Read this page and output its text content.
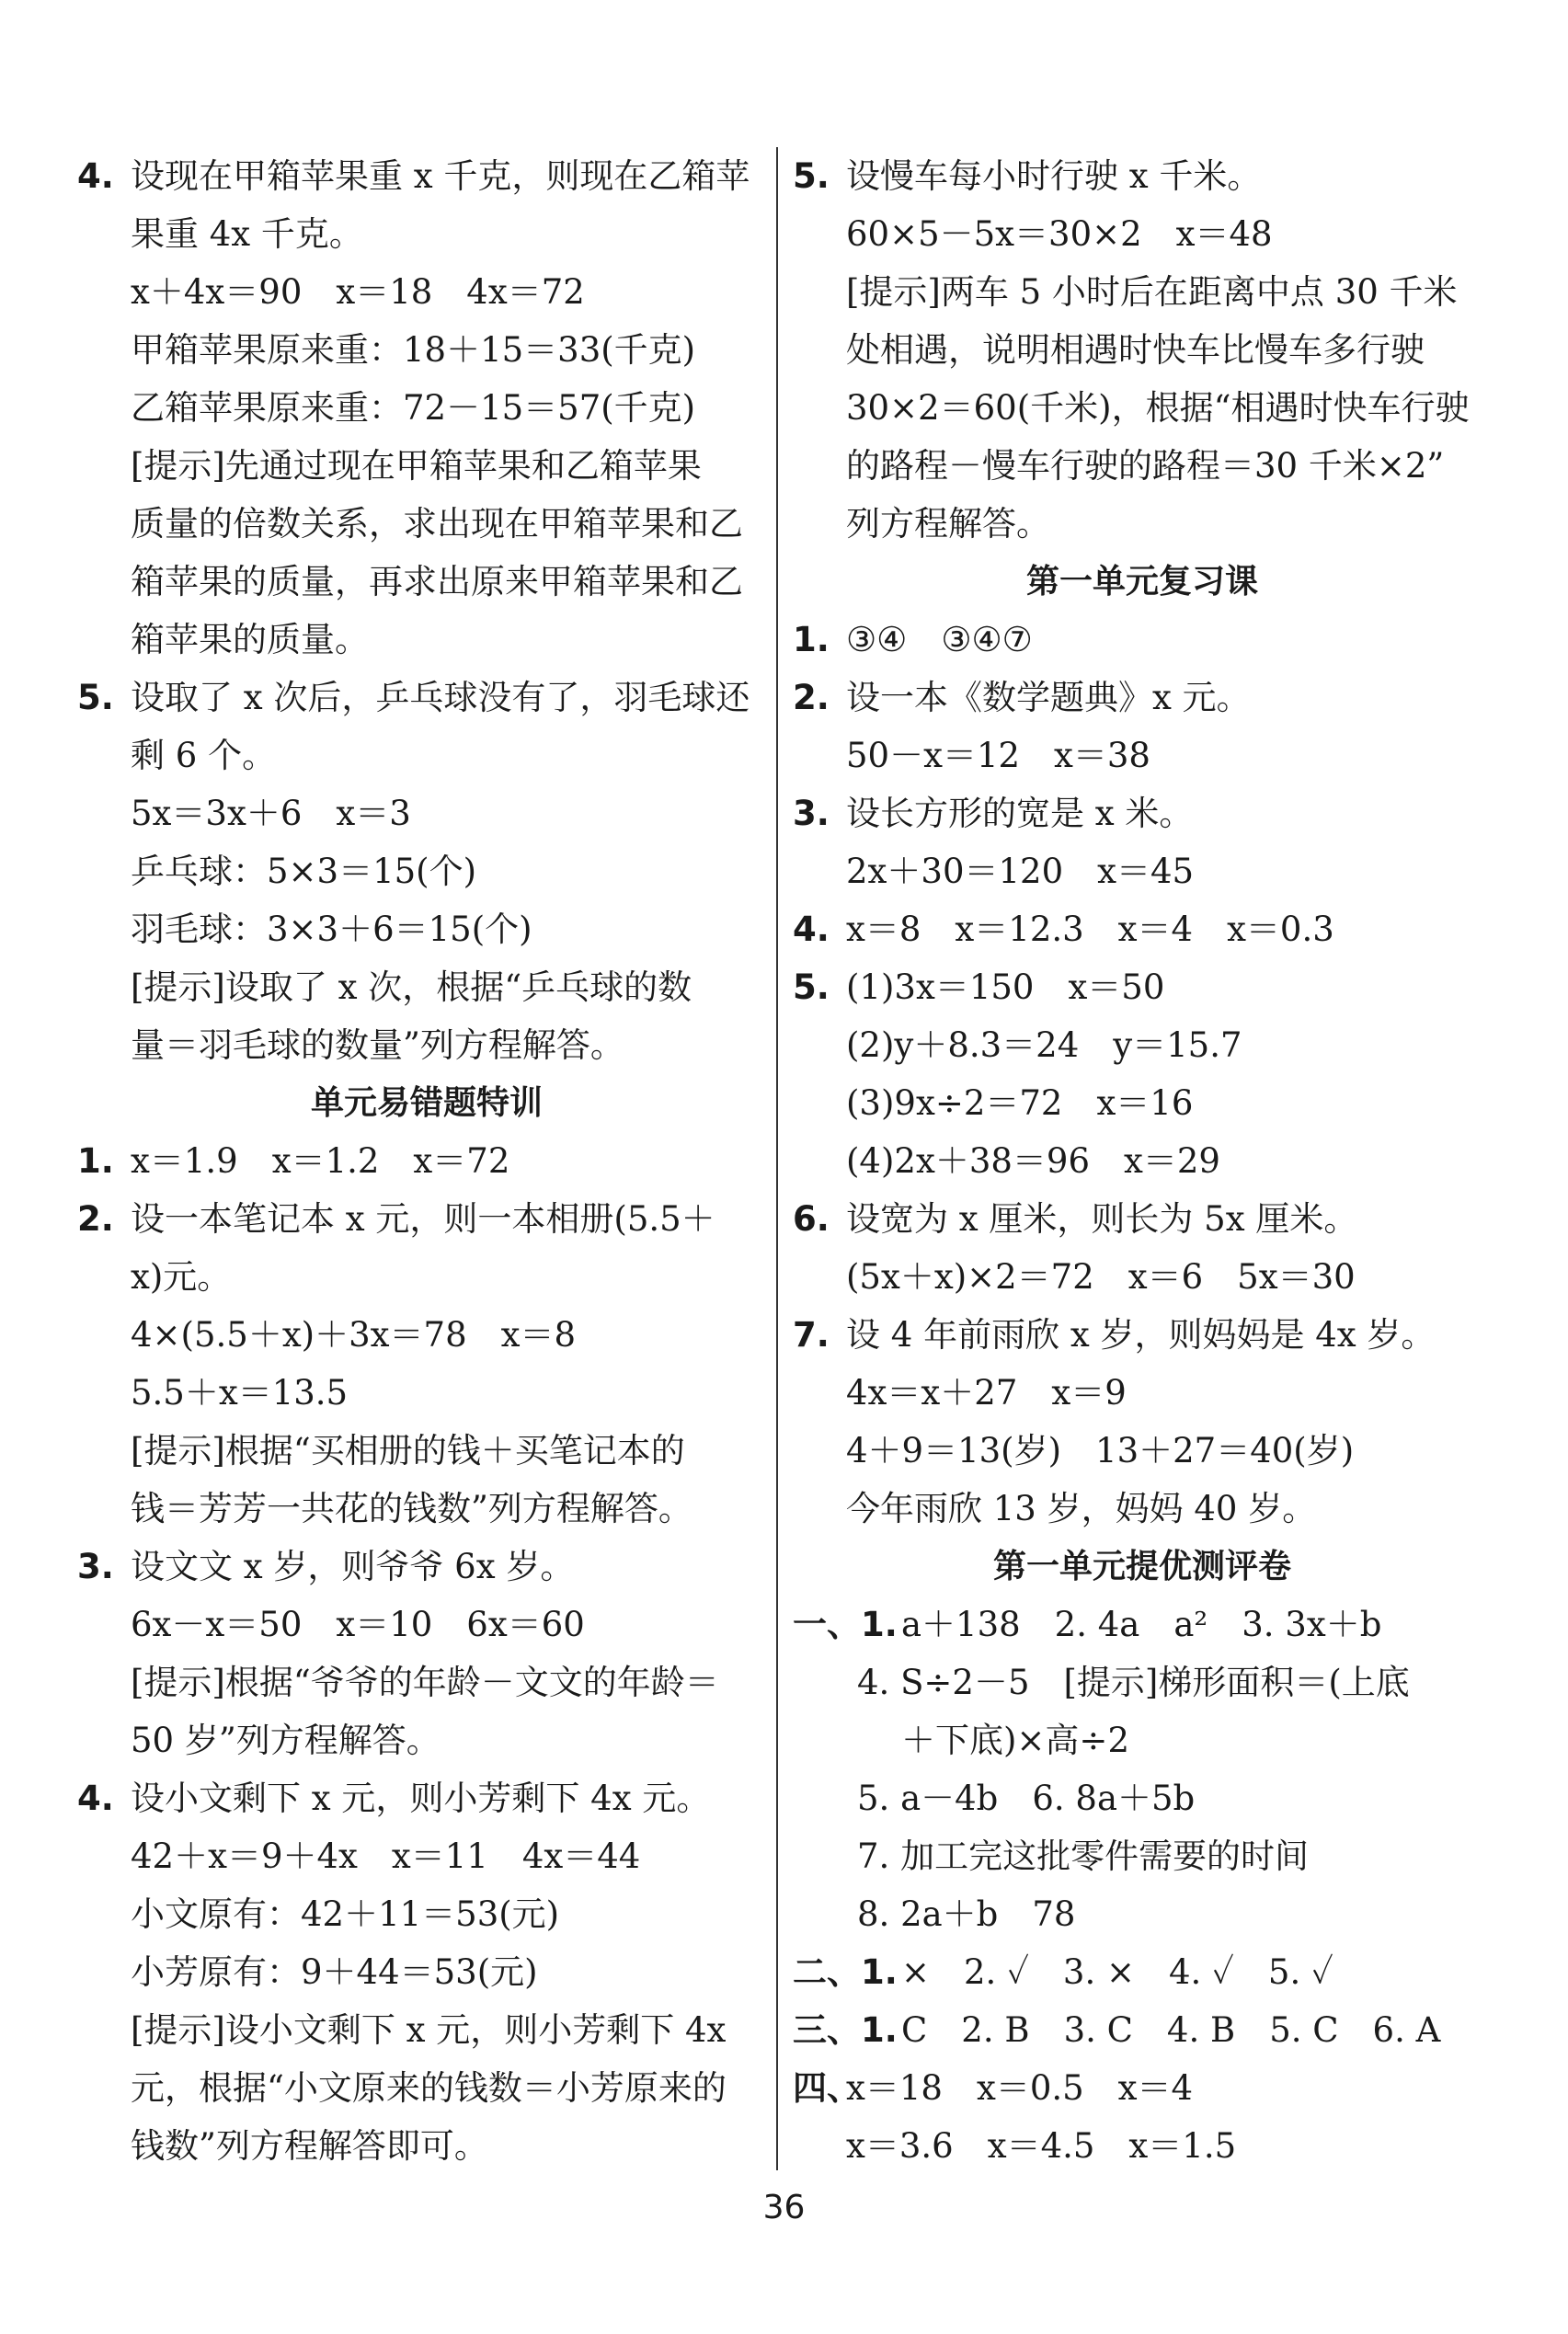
4. 设现在甲箱苹果重 x 千克，则现在乙箱苹
果重 4x 千克。
x＋4x＝90　x＝18　4x＝72
甲箱苹果原来重：18＋15＝33(千克)
乙箱苹果原来重：72－15＝57(千克)
[提示]先通过现在甲箱苹果和乙箱苹果
质量的倍数关系，求出现在甲箱苹果和乙
箱苹果的质量，再求出原来甲箱苹果和乙
箱苹果的质量。
5. 设取了 x 次后，乒乓球没有了，羽毛球还
剩 6 个。
5x＝3x＋6　x＝3
乒乓球：5×3＝15(个)
羽毛球：3×3＋6＝15(个)
[提示]设取了 x 次，根据“乒乓球的数
量＝羽毛球的数量”列方程解答。
单元易错题特训
1. x＝1.9　x＝1.2　x＝72
2. 设一本笔记本 x 元，则一本相册(5.5＋
x)元。
4×(5.5＋x)＋3x＝78　x＝8
5.5＋x＝13.5
[提示]根据“买相册的钱＋买笔记本的
钱＝芳芳一共花的钱数”列方程解答。
3. 设文文 x 岁，则爷爷 6x 岁。
6x－x＝50　x＝10　6x＝60
[提示]根据“爷爷的年龄－文文的年龄＝
50 岁”列方程解答。
4. 设小文剩下 x 元，则小芳剩下 4x 元。
42＋x＝9＋4x　x＝11　4x＝44
小文原有：42＋11＝53(元)
小芳原有：9＋44＝53(元)
[提示]设小文剩下 x 元，则小芳剩下 4x
元，根据“小文原来的钱数＝小芳原来的
钱数”列方程解答即可。
5. 设慢车每小时行驶 x 千米。
60×5－5x＝30×2　x＝48
[提示]两车 5 小时后在距离中点 30 千米
处相遇，说明相遇时快车比慢车多行驶
30×2＝60(千米)，根据“相遇时快车行驶
的路程－慢车行驶的路程＝30 千米×2”
列方程解答。
第一单元复习课
1. ③④　③④⑦
2. 设一本《数学题典》x 元。
50－x＝12　x＝38
3. 设长方形的宽是 x 米。
2x＋30＝120　x＝45
4. x＝8　x＝12.3　x＝4　x＝0.3
5. (1)3x＝150　x＝50
(2)y＋8.3＝24　y＝15.7
(3)9x÷2＝72　x＝16
(4)2x＋38＝96　x＝29
6. 设宽为 x 厘米，则长为 5x 厘米。
(5x＋x)×2＝72　x＝6　5x＝30
7. 设 4 年前雨欣 x 岁，则妈妈是 4x 岁。
4x＝x＋27　x＝9
4＋9＝13(岁)　13＋27＝40(岁)
今年雨欣 13 岁，妈妈 40 岁。
第一单元提优测评卷
一、1. a＋138　2. 4a　a²　3. 3x＋b
4. S÷2－5　[提示]梯形面积＝(上底
＋下底)×高÷2
5. a－4b　6. 8a＋5b
7. 加工完这批零件需要的时间
8. 2a＋b　78
二、1. ×　2. ✓　3. ×　4. ✓　5. ✓
三、1. C　2. B　3. C　4. B　5. C　6. A
四、
x＝18　x＝0.5　x＝4
x＝3.6　x＝4.5　x＝1.5
36
